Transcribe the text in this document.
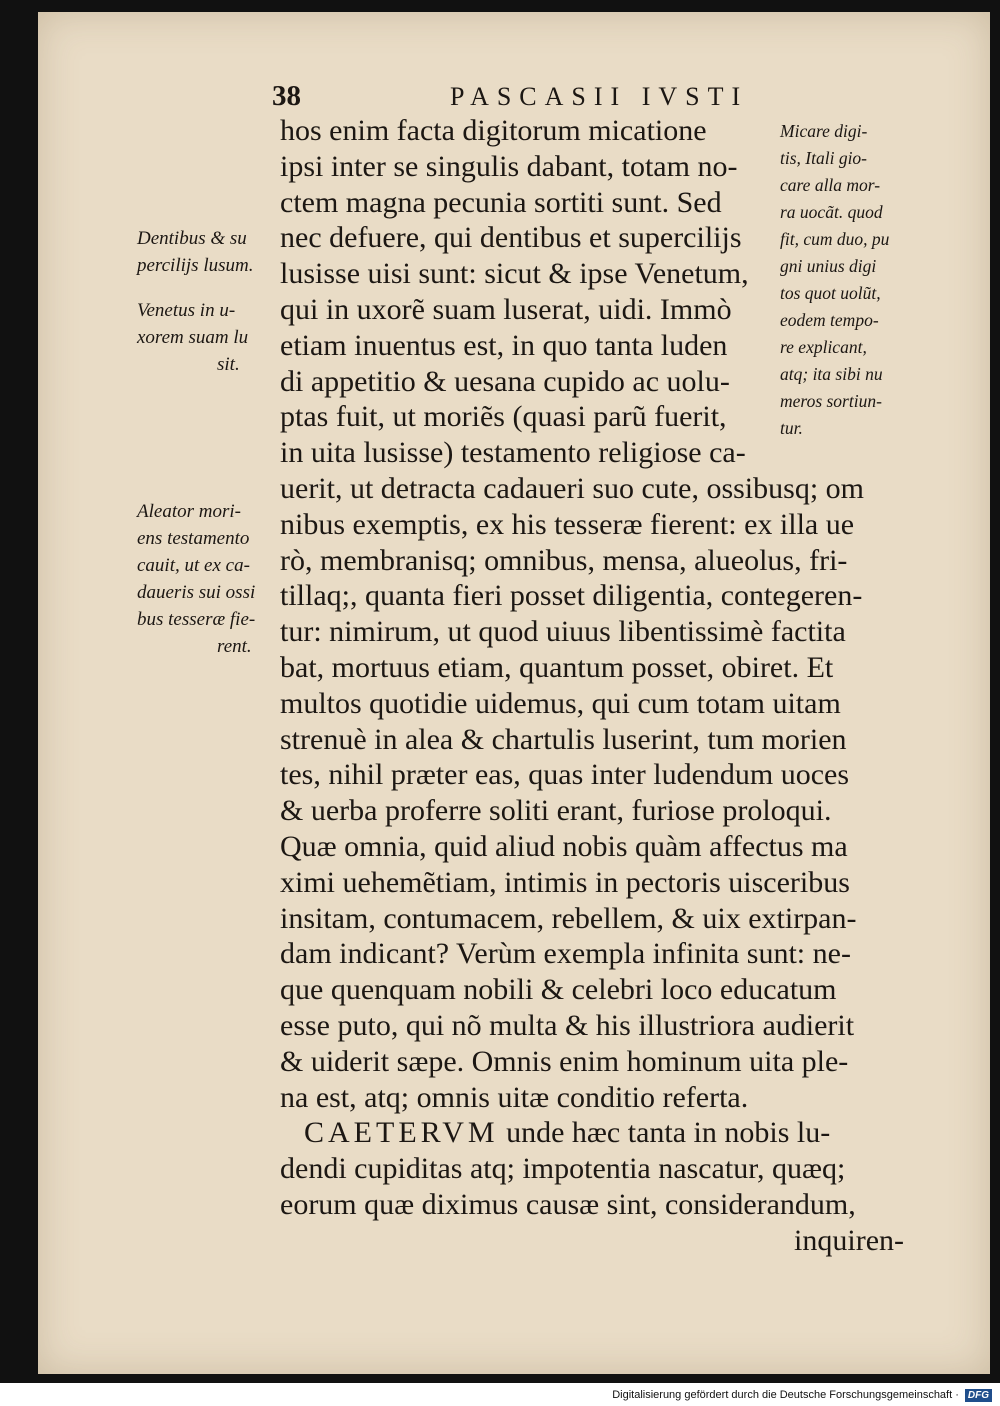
38	PASCASII IVSTI
Micare digi-
tis, Itali gio-
care alla mor-
ra uocãt. quod
fit, cum duo, pu
gni unius digi
tos quot uolũt,
eodem tempo-
re explicant,
atq; ita sibi nu
meros sortiun-
tur.
Dentibus & su
percilijs lusum.
Venetus in u-
xorem suam lu
sit.
Aleator mori-
ens testamento
cauit, ut ex ca-
daueris sui ossi
bus tesseræ fie-
rent.
hos enim facta digitorum micatione
ipsi inter se singulis dabant, totam no-
ctem magna pecunia sortiti sunt. Sed
nec defuere, qui dentibus et supercilijs
lusisse uisi sunt: sicut & ipse Venetum,
qui in uxorẽ suam luserat, uidi. Immò
etiam inuentus est, in quo tanta luden
di appetitio & uesana cupido ac uolu-
ptas fuit, ut moriẽs (quasi parũ fuerit,
in uita lusisse) testamento religiose ca-
uerit, ut detracta cadaueri suo cute, ossibusq; om
nibus exemptis, ex his tesseræ fierent: ex illa ue
rò, membranisq; omnibus, mensa, alueolus, fri-
tillaq;, quanta fieri posset diligentia, contegeren-
tur: nimirum, ut quod uiuus libentissimè factita
bat, mortuus etiam, quantum posset, obiret. Et
multos quotidie uidemus, qui cum totam uitam
strenuè in alea & chartulis luserint, tum morien
tes, nihil præter eas, quas inter ludendum uoces
& uerba proferre soliti erant, furiose proloqui.
Quæ omnia, quid aliud nobis quàm affectus ma
ximi uehemẽtiam, intimis in pectoris uisceribus
insitam, contumacem, rebellem, & uix extirpan-
dam indicant? Verùm exempla infinita sunt: ne-
que quenquam nobili & celebri loco educatum
esse puto, qui nõ multa & his illustriora audierit
& uiderit sæpe. Omnis enim hominum uita ple-
na est, atq; omnis uitæ conditio referta.
CAETERVM unde hæc tanta in nobis lu-
dendi cupiditas atq; impotentia nascatur, quæq;
eorum quæ diximus causæ sint, considerandum,
inquiren-
Digitalisierung gefördert durch die Deutsche Forschungsgemeinschaft · DFG
